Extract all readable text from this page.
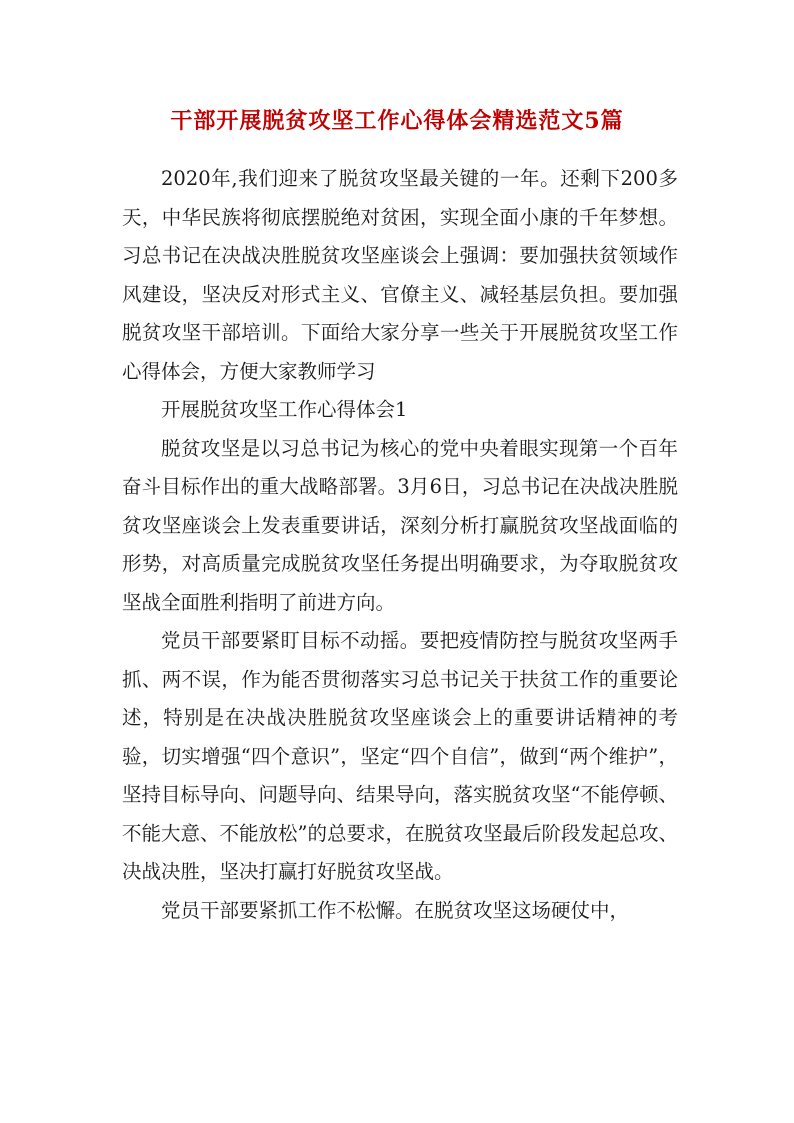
干部开展脱贫攻坚工作心得体会精选范文5篇

2020年,我们迎来了脱贫攻坚最关键的一年。还剩下200多天，中华民族将彻底摆脱绝对贫困，实现全面小康的千年梦想。习总书记在决战决胜脱贫攻坚座谈会上强调：要加强扶贫领域作风建设，坚决反对形式主义、官僚主义、减轻基层负担。要加强脱贫攻坚干部培训。下面给大家分享一些关于开展脱贫攻坚工作心得体会，方便大家教师学习

开展脱贫攻坚工作心得体会1

脱贫攻坚是以习总书记为核心的党中央着眼实现第一个百年奋斗目标作出的重大战略部署。3月6日，习总书记在决战决胜脱贫攻坚座谈会上发表重要讲话，深刻分析打赢脱贫攻坚战面临的形势，对高质量完成脱贫攻坚任务提出明确要求，为夺取脱贫攻坚战全面胜利指明了前进方向。

党员干部要紧盯目标不动摇。要把疫情防控与脱贫攻坚两手抓、两不误，作为能否贯彻落实习总书记关于扶贫工作的重要论述，特别是在决战决胜脱贫攻坚座谈会上的重要讲话精神的考验，切实增强“四个意识”，坚定“四个自信”，做到“两个维护”，坚持目标导向、问题导向、结果导向，落实脱贫攻坚“不能停顿、不能大意、不能放松”的总要求，在脱贫攻坚最后阶段发起总攻、决战决胜，坚决打赢打好脱贫攻坚战。

党员干部要紧抓工作不松懈。在脱贫攻坚这场硬仗中，
